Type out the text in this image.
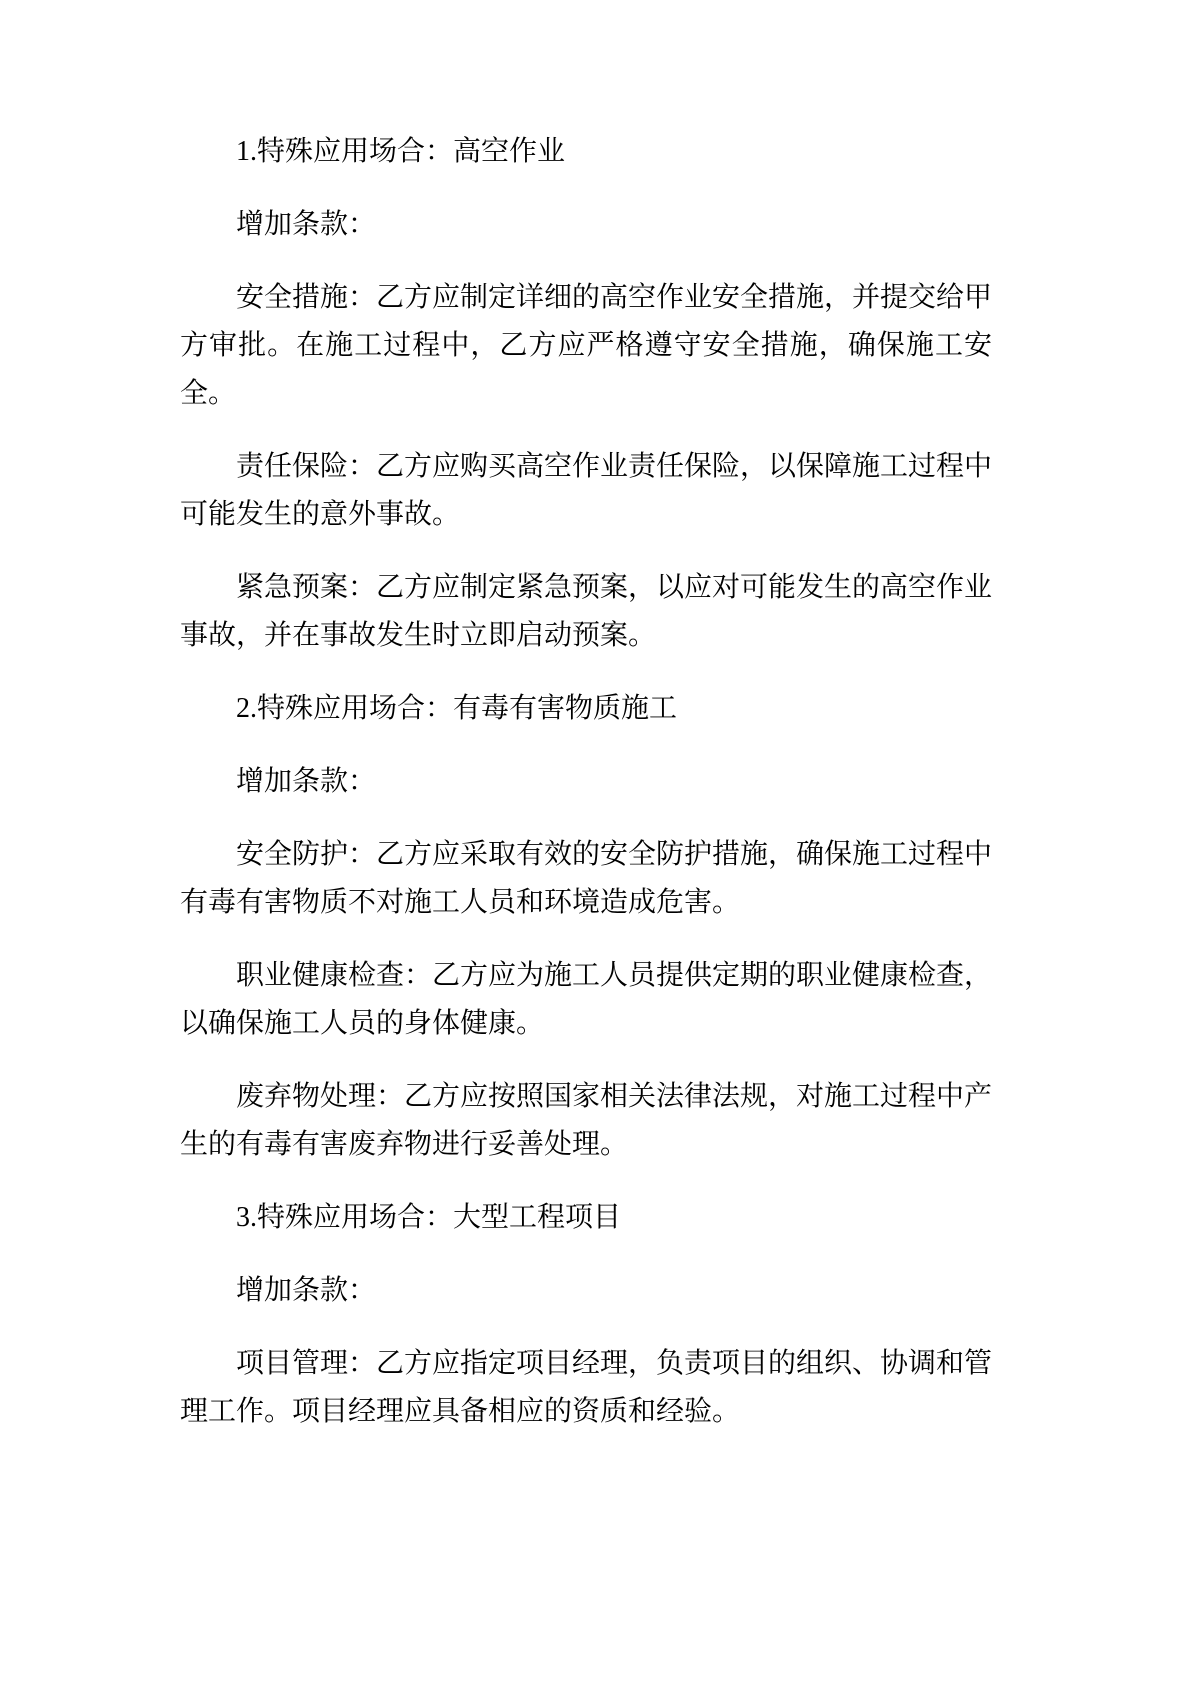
1.特殊应用场合：高空作业

增加条款：

安全措施：乙方应制定详细的高空作业安全措施，并提交给甲方审批。在施工过程中，乙方应严格遵守安全措施，确保施工安全。

责任保险：乙方应购买高空作业责任保险，以保障施工过程中可能发生的意外事故。

紧急预案：乙方应制定紧急预案，以应对可能发生的高空作业事故，并在事故发生时立即启动预案。

2.特殊应用场合：有毒有害物质施工

增加条款：

安全防护：乙方应采取有效的安全防护措施，确保施工过程中有毒有害物质不对施工人员和环境造成危害。

职业健康检查：乙方应为施工人员提供定期的职业健康检查，以确保施工人员的身体健康。

废弃物处理：乙方应按照国家相关法律法规，对施工过程中产生的有毒有害废弃物进行妥善处理。

3.特殊应用场合：大型工程项目

增加条款：

项目管理：乙方应指定项目经理，负责项目的组织、协调和管理工作。项目经理应具备相应的资质和经验。
